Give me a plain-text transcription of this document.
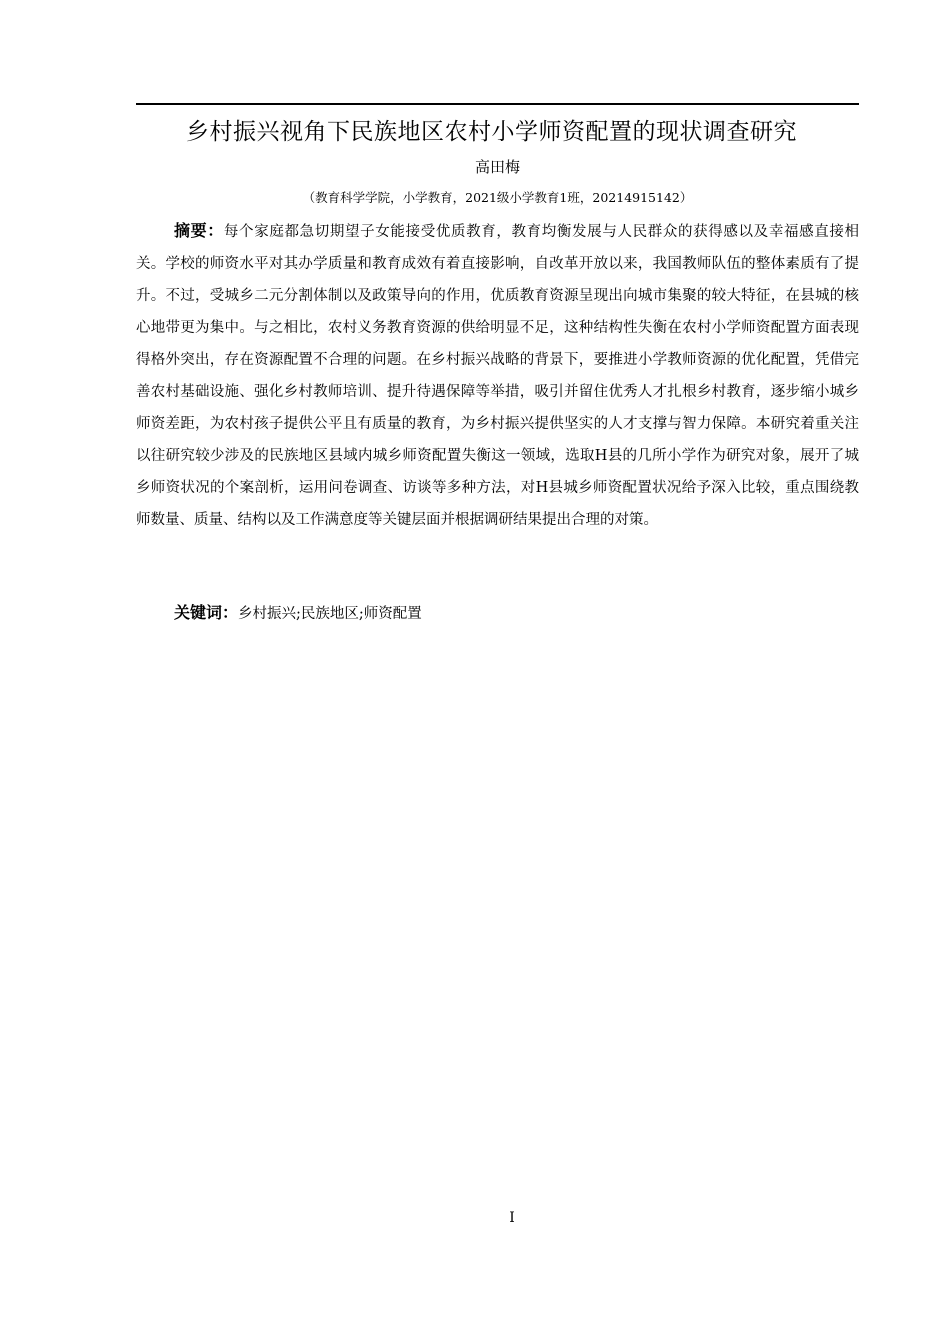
乡村振兴视角下民族地区农村小学师资配置的现状调查研究
高田梅
（教育科学学院，小学教育，2021级小学教育1班，20214915142）

摘要：每个家庭都急切期望子女能接受优质教育，教育均衡发展与人民群众的获得感以及幸福感直接相关。学校的师资水平对其办学质量和教育成效有着直接影响，自改革开放以来，我国教师队伍的整体素质有了提升。不过，受城乡二元分割体制以及政策导向的作用，优质教育资源呈现出向城市集聚的较大特征，在县城的核心地带更为集中。与之相比，农村义务教育资源的供给明显不足，这种结构性失衡在农村小学师资配置方面表现得格外突出，存在资源配置不合理的问题。在乡村振兴战略的背景下，要推进小学教师资源的优化配置，凭借完善农村基础设施、强化乡村教师培训、提升待遇保障等举措，吸引并留住优秀人才扎根乡村教育，逐步缩小城乡师资差距，为农村孩子提供公平且有质量的教育，为乡村振兴提供坚实的人才支撑与智力保障。本研究着重关注以往研究较少涉及的民族地区县域内城乡师资配置失衡这一领域，选取H县的几所小学作为研究对象，展开了城乡师资状况的个案剖析，运用问卷调查、访谈等多种方法，对H县城乡师资配置状况给予深入比较，重点围绕教师数量、质量、结构以及工作满意度等关键层面并根据调研结果提出合理的对策。

关键词：乡村振兴;民族地区;师资配置

I
